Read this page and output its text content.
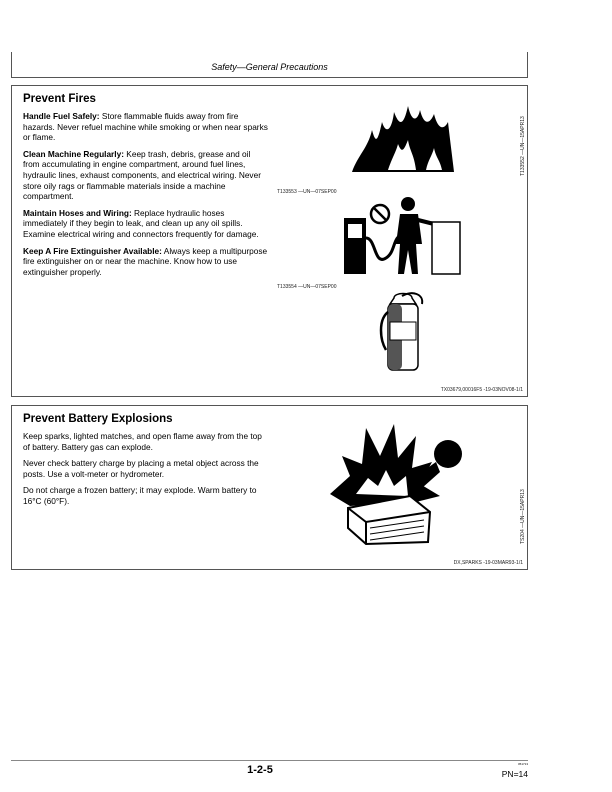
Safety—General Precautions
Prevent Fires

Handle Fuel Safely: Store flammable fluids away from fire hazards. Never refuel machine while smoking or when near sparks or flame.

Clean Machine Regularly: Keep trash, debris, grease and oil from accumulating in engine compartment, around fuel lines, hydraulic lines, exhaust components, and electrical wiring. Never store oily rags or flammable materials inside a machine compartment.

Maintain Hoses and Wiring: Replace hydraulic hoses immediately if they begin to leak, and clean up any oil spills. Examine electrical wiring and connectors frequently for damage.

Keep A Fire Extinguisher Available: Always keep a multipurpose fire extinguisher on or near the machine. Know how to use extinguisher properly.

T133552 —UN—15APR13
T133553 —UN—07SEP00
T133554 —UN—07SEP00
TX03679,00016F5 -19-03NOV08-1/1
Prevent Battery Explosions

Keep sparks, lighted matches, and open flame away from the top of battery. Battery gas can explode.

Never check battery charge by placing a metal object across the posts. Use a volt-meter or hydrometer.

Do not charge a frozen battery; it may explode. Warm battery to 16°C (60°F).	TS204 —UN—15APR13
DX,SPARKS -19-03MAR93-1/1
1-2-5	051713
PN=14
